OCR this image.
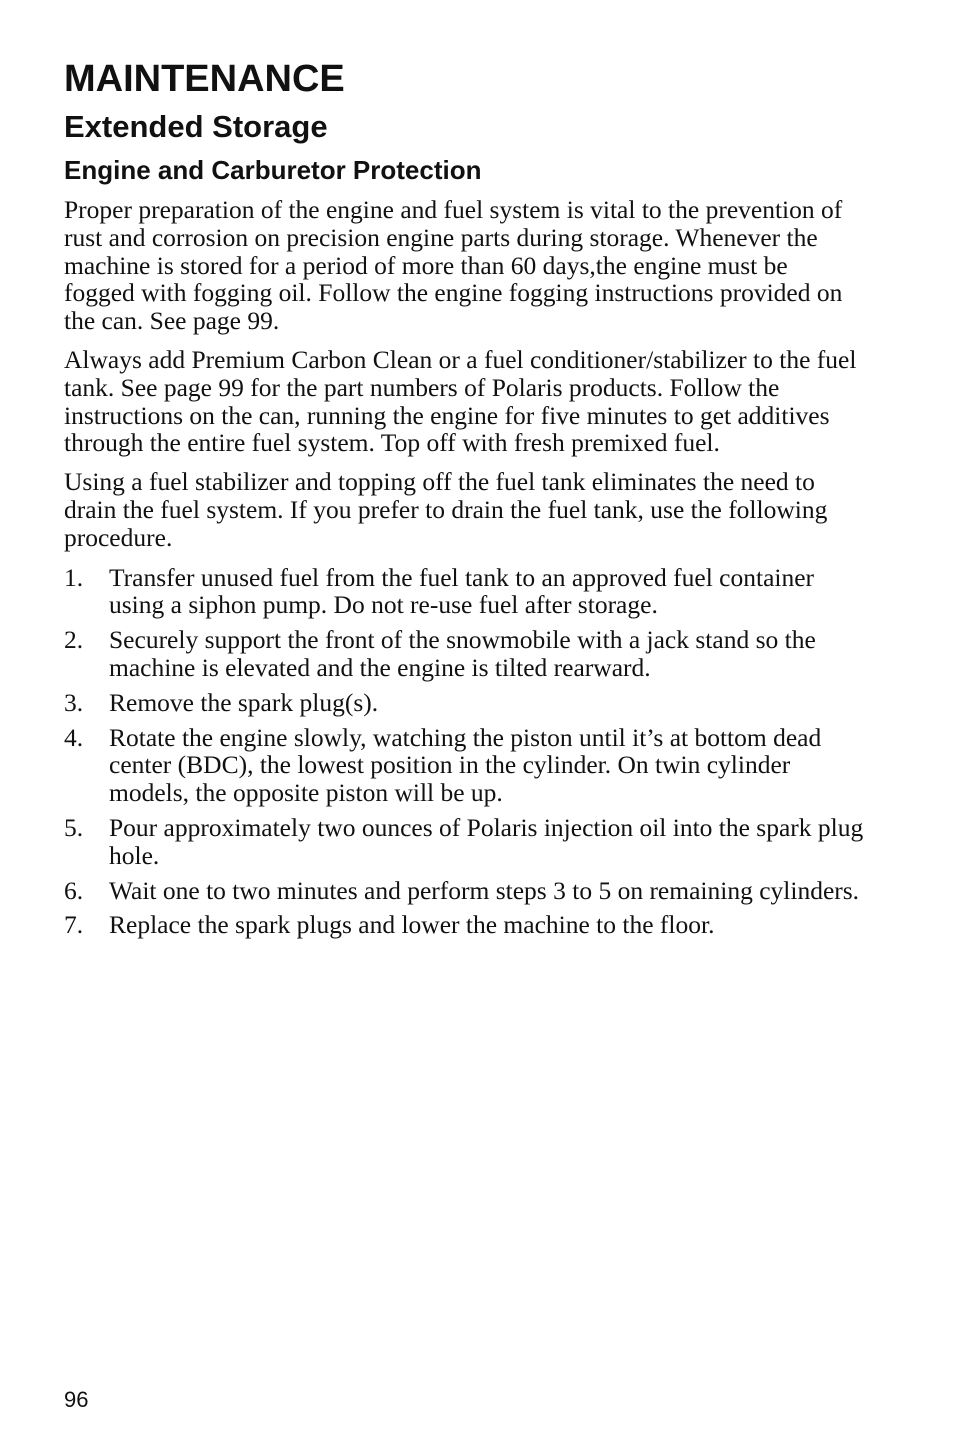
MAINTENANCE
Extended Storage
Engine and Carburetor Protection

Proper preparation of the engine and fuel system is vital to the prevention of rust and corrosion on precision engine parts during storage. Whenever the machine is stored for a period of more than 60 days,the engine must be fogged with fogging oil. Follow the engine fogging instructions provided on the can. See page 99.

Always add Premium Carbon Clean or a fuel conditioner/stabilizer to the fuel tank. See page 99 for the part numbers of Polaris products. Follow the instructions on the can, running the engine for five minutes to get additives through the entire fuel system. Top off with fresh premixed fuel.

Using a fuel stabilizer and topping off the fuel tank eliminates the need to drain the fuel system. If you prefer to drain the fuel tank, use the following procedure.

1.	Transfer unused fuel from the fuel tank to an approved fuel container using a siphon pump. Do not re-use fuel after storage.
2.	Securely support the front of the snowmobile with a jack stand so the machine is elevated and the engine is tilted rearward.
3.	Remove the spark plug(s).
4.	Rotate the engine slowly, watching the piston until it’s at bottom dead center (BDC), the lowest position in the cylinder. On twin cylinder models, the opposite piston will be up.
5.	Pour approximately two ounces of Polaris injection oil into the spark plug hole.
6.	Wait one to two minutes and perform steps 3 to 5 on remaining cylinders.
7.	Replace the spark plugs and lower the machine to the floor.
96
